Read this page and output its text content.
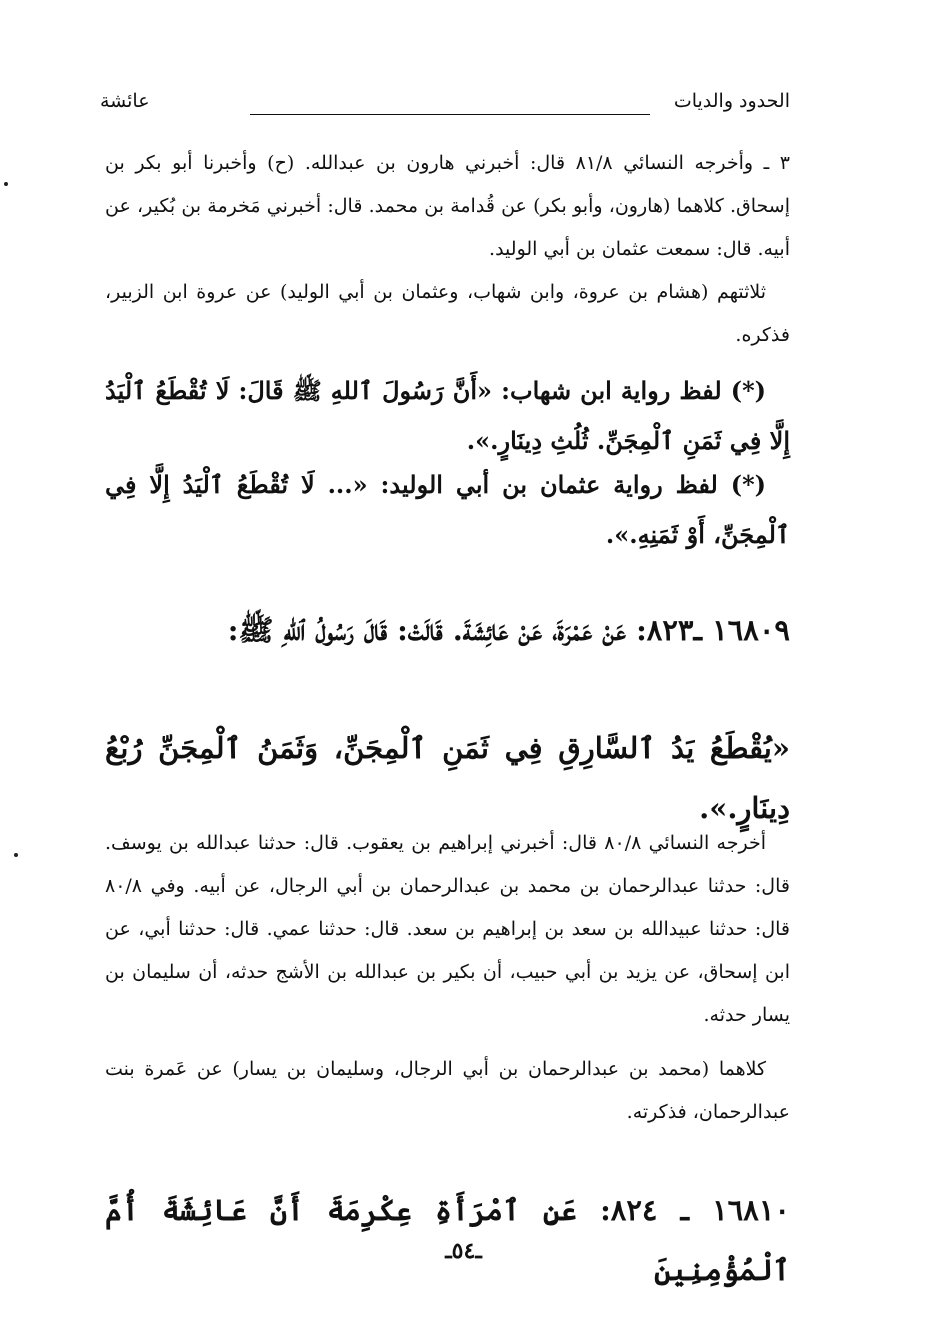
الحدود والديات
عائشة
٣ ـ وأخرجه النسائي ٨١/٨ قال: أخبرني هارون بن عبدالله. (ح) وأخبرنا أبو بكر بن إسحاق. كلاهما (هارون، وأبو بكر) عن قُدامة بن محمد. قال: أخبرني مَخرمة بن بُكير، عن أبيه. قال: سمعت عثمان بن أبي الوليد.
ثلاثتهم (هشام بن عروة، وابن شهاب، وعثمان بن أبي الوليد) عن عروة ابن الزبير، فذكره.
(*) لفظ رواية ابن شهاب: «أَنَّ رَسُولَ ٱللهِ ﷺ قَالَ: لَا تُقْطَعُ ٱلْيَدُ إِلَّا فِي ثَمَنِ ٱلْمِجَنِّ. ثُلُثِ دِينَارٍ.».
(*) لفظ رواية عثمان بن أبي الوليد: «... لَا تُقْطَعُ ٱلْيَدُ إِلَّا فِي ٱلْمِجَنِّ، أَوْ ثَمَنِهِ.».
١٦٨٠٩ ـ٨٢٣: عَنْ عَمْرَةَ، عَنْ عَائِشَةَ. قَالَتْ: قَالَ رَسُولُ ٱللهِ ﷺ:
«يُقْطَعُ يَدُ ٱلسَّارِقِ فِي ثَمَنِ ٱلْمِجَنِّ، وَثَمَنُ ٱلْمِجَنِّ رُبْعُ دِينَارٍ.».
أخرجه النسائي ٨٠/٨ قال: أخبرني إبراهيم بن يعقوب. قال: حدثنا عبدالله بن يوسف. قال: حدثنا عبدالرحمان بن محمد بن عبدالرحمان بن أبي الرجال، عن أبيه. وفي ٨٠/٨ قال: حدثنا عبيدالله بن سعد بن إبراهيم بن سعد. قال: حدثنا عمي. قال: حدثنا أبي، عن ابن إسحاق، عن يزيد بن أبي حبيب، أن بكير بن عبدالله بن الأشج حدثه، أن سليمان بن يسار حدثه.
كلاهما (محمد بن عبدالرحمان بن أبي الرجال، وسليمان بن يسار) عن عَمرة بنت عبدالرحمان، فذكرته.
١٦٨١٠ ـ ٨٢٤: عَنِ ٱمْرَأَةِ عِكْرِمَةَ أَنَّ عَائِشَةَ أُمَّ ٱلْمُؤْمِنِينَ
ـ٥٤ـ
